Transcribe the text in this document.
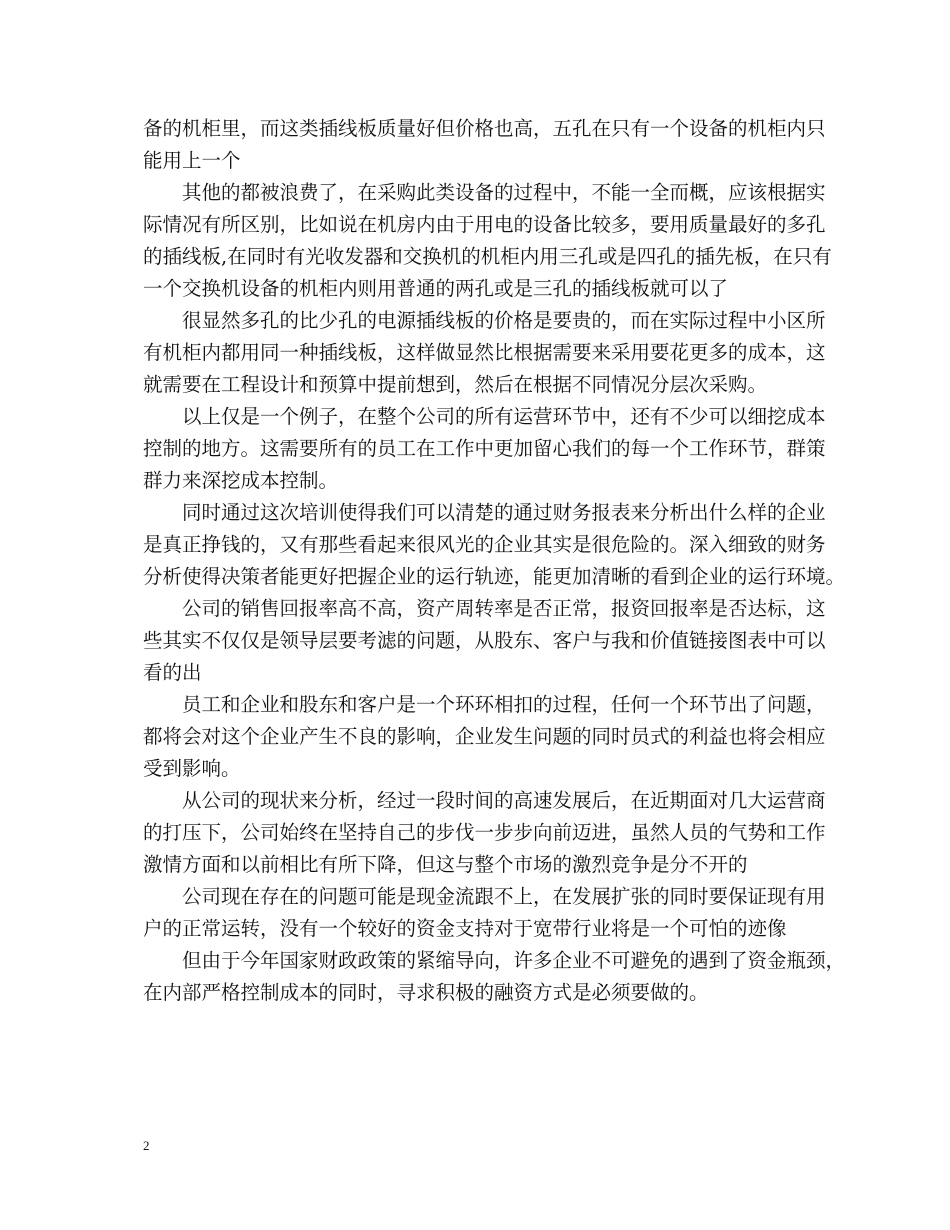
备的机柜里，而这类插线板质量好但价格也高，五孔在只有一个设备的机柜内只
能用上一个
其他的都被浪费了，在采购此类设备的过程中，不能一全而概，应该根据实
际情况有所区别，比如说在机房内由于用电的设备比较多，要用质量最好的多孔
的插线板,在同时有光收发器和交换机的机柜内用三孔或是四孔的插先板，在只有
一个交换机设备的机柜内则用普通的两孔或是三孔的插线板就可以了
很显然多孔的比少孔的电源插线板的价格是要贵的，而在实际过程中小区所
有机柜内都用同一种插线板，这样做显然比根据需要来采用要花更多的成本，这
就需要在工程设计和预算中提前想到，然后在根据不同情况分层次采购。
以上仅是一个例子，在整个公司的所有运营环节中，还有不少可以细挖成本
控制的地方。这需要所有的员工在工作中更加留心我们的每一个工作环节，群策
群力来深挖成本控制。
同时通过这次培训使得我们可以清楚的通过财务报表来分析出什么样的企业
是真正挣钱的，又有那些看起来很风光的企业其实是很危险的。深入细致的财务
分析使得决策者能更好把握企业的运行轨迹，能更加清晰的看到企业的运行环境。
公司的销售回报率高不高，资产周转率是否正常，报资回报率是否达标，这
些其实不仅仅是领导层要考滤的问题，从股东、客户与我和价值链接图表中可以
看的出
员工和企业和股东和客户是一个环环相扣的过程，任何一个环节出了问题，
都将会对这个企业产生不良的影响，企业发生问题的同时员式的利益也将会相应
受到影响。
从公司的现状来分析，经过一段时间的高速发展后，在近期面对几大运营商
的打压下，公司始终在坚持自己的步伐一步步向前迈进，虽然人员的气势和工作
激情方面和以前相比有所下降，但这与整个市场的激烈竞争是分不开的
公司现在存在的问题可能是现金流跟不上，在发展扩张的同时要保证现有用
户的正常运转，没有一个较好的资金支持对于宽带行业将是一个可怕的迹像
但由于今年国家财政政策的紧缩导向，许多企业不可避免的遇到了资金瓶颈，
在内部严格控制成本的同时，寻求积极的融资方式是必须要做的。
2
